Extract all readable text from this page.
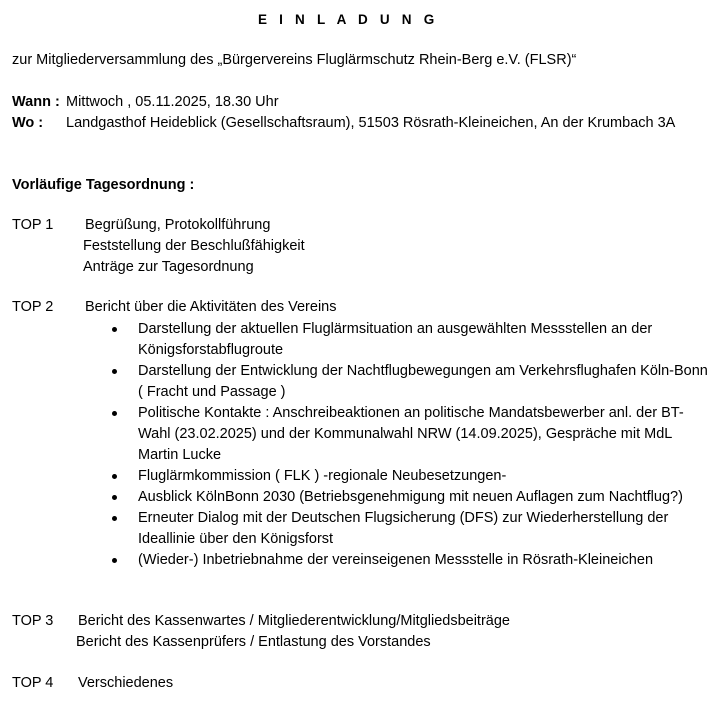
E I N L A D U N G
zur Mitgliederversammlung des „Bürgervereins Fluglärmschutz Rhein-Berg e.V. (FLSR)“
Wann : Mittwoch , 05.11.2025, 18.30 Uhr
Wo : Landgasthof Heideblick (Gesellschaftsraum), 51503 Rösrath-Kleineichen, An der Krumbach 3A
Vorläufige Tagesordnung :
TOP 1 Begrüßung, Protokollführung
Feststellung der Beschlußfähigkeit
Anträge zur Tagesordnung
TOP 2 Bericht über die Aktivitäten des Vereins
Darstellung der aktuellen Fluglärmsituation an ausgewählten Messstellen an der Königsforstabflugroute
Darstellung der Entwicklung der Nachtflugbewegungen am Verkehrsflughafen Köln-Bonn ( Fracht und Passage )
Politische Kontakte : Anschreibeaktionen an politische Mandatsbewerber anl. der BT-Wahl (23.02.2025) und der Kommunalwahl NRW (14.09.2025), Gespräche mit MdL Martin Lucke
Fluglärmkommission ( FLK ) -regionale Neubesetzungen-
Ausblick KölnBonn 2030 (Betriebsgenehmigung mit neuen Auflagen zum Nachtflug?)
Erneuter Dialog mit der Deutschen Flugsicherung (DFS) zur Wiederherstellung der Ideallinie über den Königsforst
(Wieder-) Inbetriebnahme der vereinseigenen Messstelle in Rösrath-Kleineichen
TOP 3 Bericht des Kassenwartes / Mitgliederentwicklung/Mitgliedsbeiträge
Bericht des Kassenprüfers / Entlastung des Vorstandes
TOP 4 Verschiedenes
